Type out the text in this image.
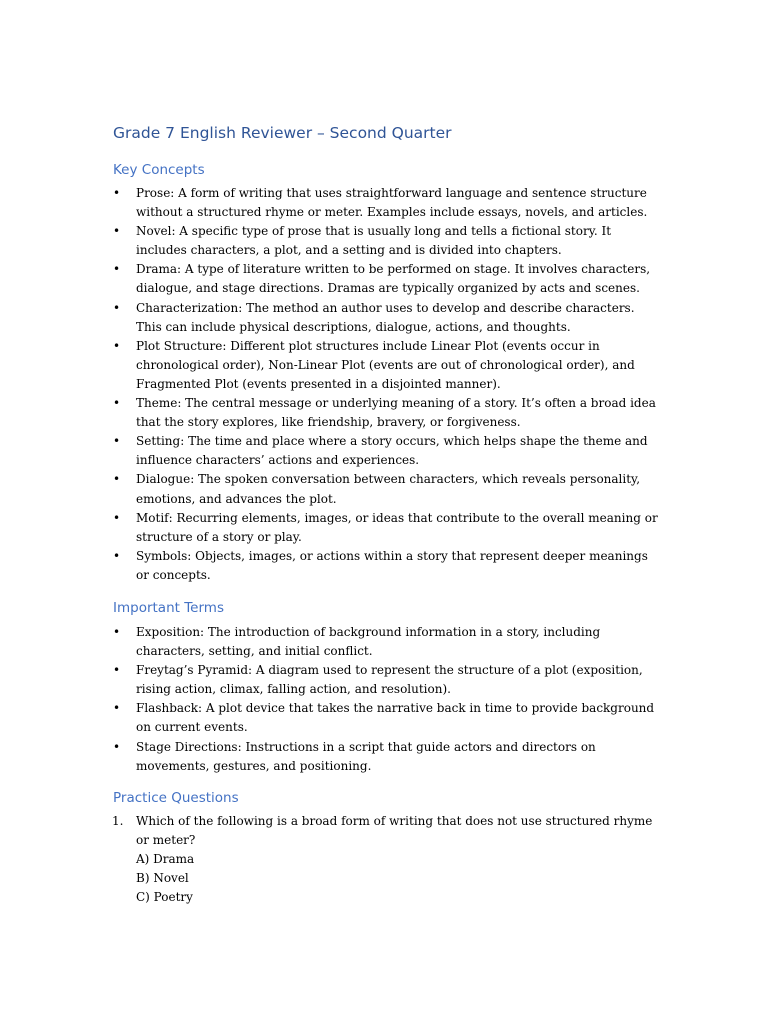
Grade 7 English Reviewer – Second Quarter
Key Concepts
•	Prose: A form of writing that uses straightforward language and sentence structure without a structured rhyme or meter. Examples include essays, novels, and articles.
•	Novel: A specific type of prose that is usually long and tells a fictional story. It includes characters, a plot, and a setting and is divided into chapters.
•	Drama: A type of literature written to be performed on stage. It involves characters, dialogue, and stage directions. Dramas are typically organized by acts and scenes.
•	Characterization: The method an author uses to develop and describe characters. This can include physical descriptions, dialogue, actions, and thoughts.
•	Plot Structure: Different plot structures include Linear Plot (events occur in chronological order), Non-Linear Plot (events are out of chronological order), and Fragmented Plot (events presented in a disjointed manner).
•	Theme: The central message or underlying meaning of a story. It’s often a broad idea that the story explores, like friendship, bravery, or forgiveness.
•	Setting: The time and place where a story occurs, which helps shape the theme and influence characters’ actions and experiences.
•	Dialogue: The spoken conversation between characters, which reveals personality, emotions, and advances the plot.
•	Motif: Recurring elements, images, or ideas that contribute to the overall meaning or structure of a story or play.
•	Symbols: Objects, images, or actions within a story that represent deeper meanings or concepts.
Important Terms
•	Exposition: The introduction of background information in a story, including characters, setting, and initial conflict.
•	Freytag’s Pyramid: A diagram used to represent the structure of a plot (exposition, rising action, climax, falling action, and resolution).
•	Flashback: A plot device that takes the narrative back in time to provide background on current events.
•	Stage Directions: Instructions in a script that guide actors and directors on movements, gestures, and positioning.
Practice Questions
1.	Which of the following is a broad form of writing that does not use structured rhyme or meter?
A) Drama
B) Novel
C) Poetry
